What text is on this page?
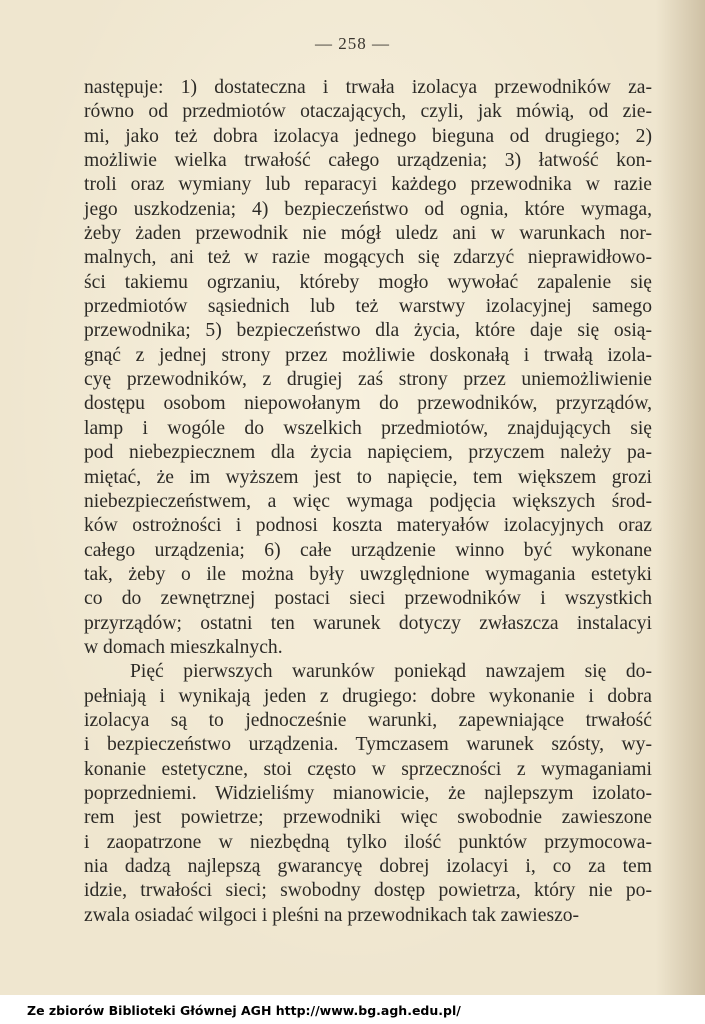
— 258 —
następuje: 1) dostateczna i trwała izolacya przewodników za-
równo od przedmiotów otaczających, czyli, jak mówią, od zie-
mi, jako też dobra izolacya jednego bieguna od drugiego; 2)
możliwie wielka trwałość całego urządzenia; 3) łatwość kon-
troli oraz wymiany lub reparacyi każdego przewodnika w razie
jego uszkodzenia; 4) bezpieczeństwo od ognia, które wymaga,
żeby żaden przewodnik nie mógł uledz ani w warunkach nor-
malnych, ani też w razie mogących się zdarzyć nieprawidłowo-
ści takiemu ogrzaniu, któreby mogło wywołać zapalenie się
przedmiotów sąsiednich lub też warstwy izolacyjnej samego
przewodnika; 5) bezpieczeństwo dla życia, które daje się osią-
gnąć z jednej strony przez możliwie doskonałą i trwałą izola-
cyę przewodników, z drugiej zaś strony przez uniemożliwienie
dostępu osobom niepowołanym do przewodników, przyrządów,
lamp i wogóle do wszelkich przedmiotów, znajdujących się
pod niebezpiecznem dla życia napięciem, przyczem należy pa-
miętać, że im wyższem jest to napięcie, tem większem grozi
niebezpieczeństwem, a więc wymaga podjęcia większych środ-
ków ostrożności i podnosi koszta materyałów izolacyjnych oraz
całego urządzenia; 6) całe urządzenie winno być wykonane
tak, żeby o ile można były uwzględnione wymagania estetyki
co do zewnętrznej postaci sieci przewodników i wszystkich
przyrządów; ostatni ten warunek dotyczy zwłaszcza instalacyi
w domach mieszkalnych.
Pięć pierwszych warunków poniekąd nawzajem się do-
pełniają i wynikają jeden z drugiego: dobre wykonanie i dobra
izolacya są to jednocześnie warunki, zapewniające trwałość
i bezpieczeństwo urządzenia. Tymczasem warunek szósty, wy-
konanie estetyczne, stoi często w sprzeczności z wymaganiami
poprzedniemi. Widzieliśmy mianowicie, że najlepszym izolato-
rem jest powietrze; przewodniki więc swobodnie zawieszone
i zaopatrzone w niezbędną tylko ilość punktów przymocowa-
nia dadzą najlepszą gwarancyę dobrej izolacyi i, co za tem
idzie, trwałości sieci; swobodny dostęp powietrza, który nie po-
zwala osiadać wilgoci i pleśni na przewodnikach tak zawieszo-
Ze zbiorów Biblioteki Głównej AGH http://www.bg.agh.edu.pl/
